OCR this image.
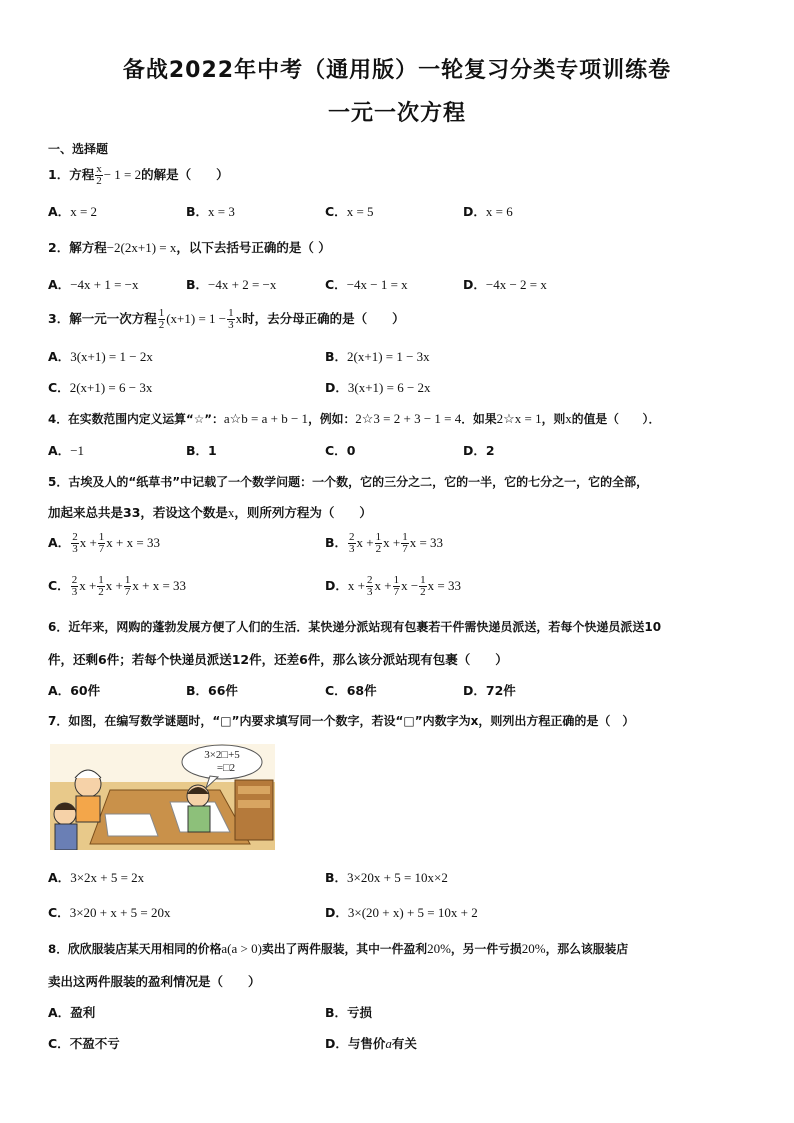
备战2022年中考（通用版）一轮复习分类专项训练卷
一元一次方程
一、选择题
1．方程 $\frac{x}{2} - 1 = 2$的解是（　　）
A．x = 2	B．x = 3	C．x = 5	D．x = 6
2．解方程−2(2x+1) = x，以下去括号正确的是（ ）
A．−4x + 1 = −x	B．−4x + 2 = −x	C．−4x − 1 = x	D．−4x − 2 = x
3．解一元一次方程 $\frac{1}{2} (x+1) = 1 - \frac{1}{3}$ x时，去分母正确的是（　　）
A．3(x+1) = 1 − 2x	B．2(x+1) = 1 − 3x
C．2(x+1) = 6 − 3x	D．3(x+1) = 6 − 2x
4．在实数范围内定义运算“☆”：a☆b = a + b − 1，例如：2☆3 = 2 + 3 − 1 = 4．如果2☆x = 1，则x的值是（　　）．
A．−1	B．1	C．0	D．2
5．古埃及人的“纸草书”中记载了一个数学问题：一个数，它的三分之二，它的一半，它的七分之一，它的全部，
加起来总共是33，若设这个数是x，则所列方程为（　　）
A． $\frac{2}{3}$ $x + \frac{1}{7}$ x + x = 33	B． $\frac{2}{3}$ $x + \frac{1}{2}$ $x + \frac{1}{7}$ x = 33
C． $\frac{2}{3}$ $x + \frac{1}{2}$ $x + \frac{1}{7}$ x + x = 33	D．$x + \frac{2}{3}$ $x + \frac{1}{7}$ $x - \frac{1}{2}$ x = 33
6．近年来，网购的蓬勃发展方便了人们的生活．某快递分派站现有包裹若干件需快递员派送，若每个快递员派送10
件，还剩6件；若每个快递员派送12件，还差6件，那么该分派站现有包裹（　　）
A．60件	B．66件	C．68件	D．72件
7．如图，在编写数学谜题时，“□”内要求填写同一个数字，若设“□”内数字为x，则列出方程正确的是（　）
3×2□+5
=□2
A．3×2x + 5 = 2x	B．3×20x + 5 = 10x×2
C．3×20 + x + 5 = 20x	D．3×(20 + x) + 5 = 10x + 2
8．欣欣服装店某天用相同的价格a(a > 0)卖出了两件服装，其中一件盈利20%，另一件亏损20%，那么该服装店
卖出这两件服装的盈利情况是（　　）
A．盈利	B．亏损
C．不盈不亏	D．与售价a有关
